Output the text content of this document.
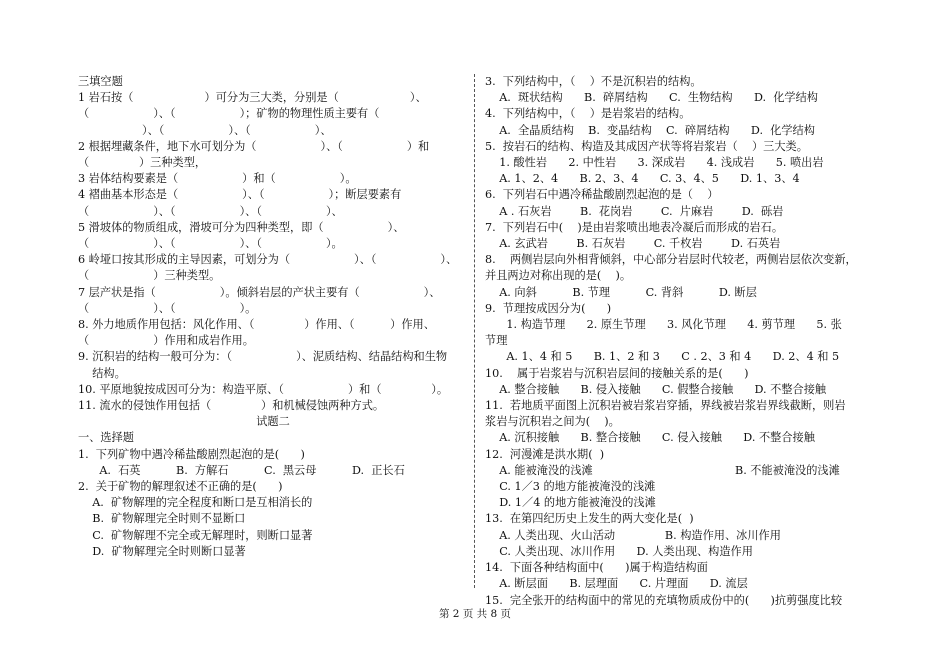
三填空题
1 岩石按（                    ）可分为三大类，分别是（                    ）、
（                  ）、（                  ）；矿物的物理性质主要有（
）、（                  ）、（                  ）、
2 根据埋藏条件，地下水可划分为（                  ）、（                  ）和
（              ）三种类型，
3 岩体结构要素是（                  ）和（                  ）。
4 褶曲基本形态是（                  ）、（                  ）；断层要素有
（                  ）、（                  ）、（                  ）、
5 滑坡体的物质组成，滑坡可分为四种类型，即（                  ）、
（                  ）、（                  ）、（                  ）。
6 岭垭口按其形成的主导因素，可划分为（                  ）、（                  ）、
（                  ）三种类型。
7 层产状是指（                  ）。倾斜岩层的产状主要有（                  ）、
（                  ）、（                  ）。
8. 外力地质作用包括：风化作用、（              ）作用、（          ）作用、
（                  ）作用和成岩作用。
9. 沉积岩的结构一般可分为：（                  ）、泥质结构、结晶结构和生物
结构。
10. 平原地貌按成因可分为：构造平原、（                  ）和（              ）。
11. 流水的侵蚀作用包括（              ）和机械侵蚀两种方式。
试题二
一、选择题
1.  下列矿物中遇冷稀盐酸剧烈起泡的是(      )
A.  石英          B.  方解石          C.  黑云母          D.  正长石
2.  关于矿物的解理叙述不正确的是(      )
A.  矿物解理的完全程度和断口是互相消长的
B.  矿物解理完全时则不显断口
C.  矿物解理不完全或无解理时，则断口显著
D.  矿物解理完全时则断口显著
3.  下列结构中，（    ）不是沉积岩的结构。
A.  斑状结构      B.  碎屑结构      C.  生物结构      D.  化学结构
4.  下列结构中，（    ）是岩浆岩的结构。
A.  全晶质结构    B.  变晶结构    C.  碎屑结构      D.  化学结构
5.  按岩石的结构、构造及其成因产状等将岩浆岩（    ）三大类。
1. 酸性岩      2. 中性岩      3. 深成岩      4. 浅成岩      5. 喷出岩
A. 1、2、4      B. 2、3、4      C. 3、4、5      D. 1、3、4
6.  下列岩石中遇冷稀盐酸剧烈起泡的是（    ）
A . 石灰岩        B.  花岗岩        C.  片麻岩        D.  砾岩
7.  下列岩石中(    )是由岩浆喷出地表冷凝后而形成的岩石。
A. 玄武岩        B. 石灰岩        C. 千枚岩        D. 石英岩
8.    两侧岩层向外相背倾斜，中心部分岩层时代较老，两侧岩层依次变新，
并且两边对称出现的是(    )。
A. 向斜          B. 节理          C. 背斜          D. 断层
9.  节理按成因分为(      )
1. 构造节理      2. 原生节理      3. 风化节理      4. 剪节理      5. 张
节理
A. 1、4 和 5      B. 1、2 和 3      C . 2、3 和 4      D. 2、4 和 5
10.    属于岩浆岩与沉积岩层间的接触关系的是(      )
A. 整合接触      B. 侵入接触      C. 假整合接触      D. 不整合接触
11.  若地质平面图上沉积岩被岩浆岩穿插，界线被岩浆岩界线截断，则岩
浆岩与沉积岩之间为(    )。
A. 沉积接触      B. 整合接触      C. 侵入接触      D. 不整合接触
12.  河漫滩是洪水期(  )
A. 能被淹没的浅滩                                        B. 不能被淹没的浅滩
C. 1／3 的地方能被淹没的浅滩
D. 1／4 的地方能被淹没的浅滩
13.  在第四纪历史上发生的两大变化是(  )
A. 人类出现、火山活动              B. 构造作用、冰川作用
C. 人类出现、冰川作用      D. 人类出现、构造作用
14.  下面各种结构面中(      )属于构造结构面
A. 断层面      B. 层理面      C. 片理面      D. 流层
15.  完全张开的结构面中的常见的充填物质成份中的(      )抗剪强度比较
第 2 页 共 8 页
